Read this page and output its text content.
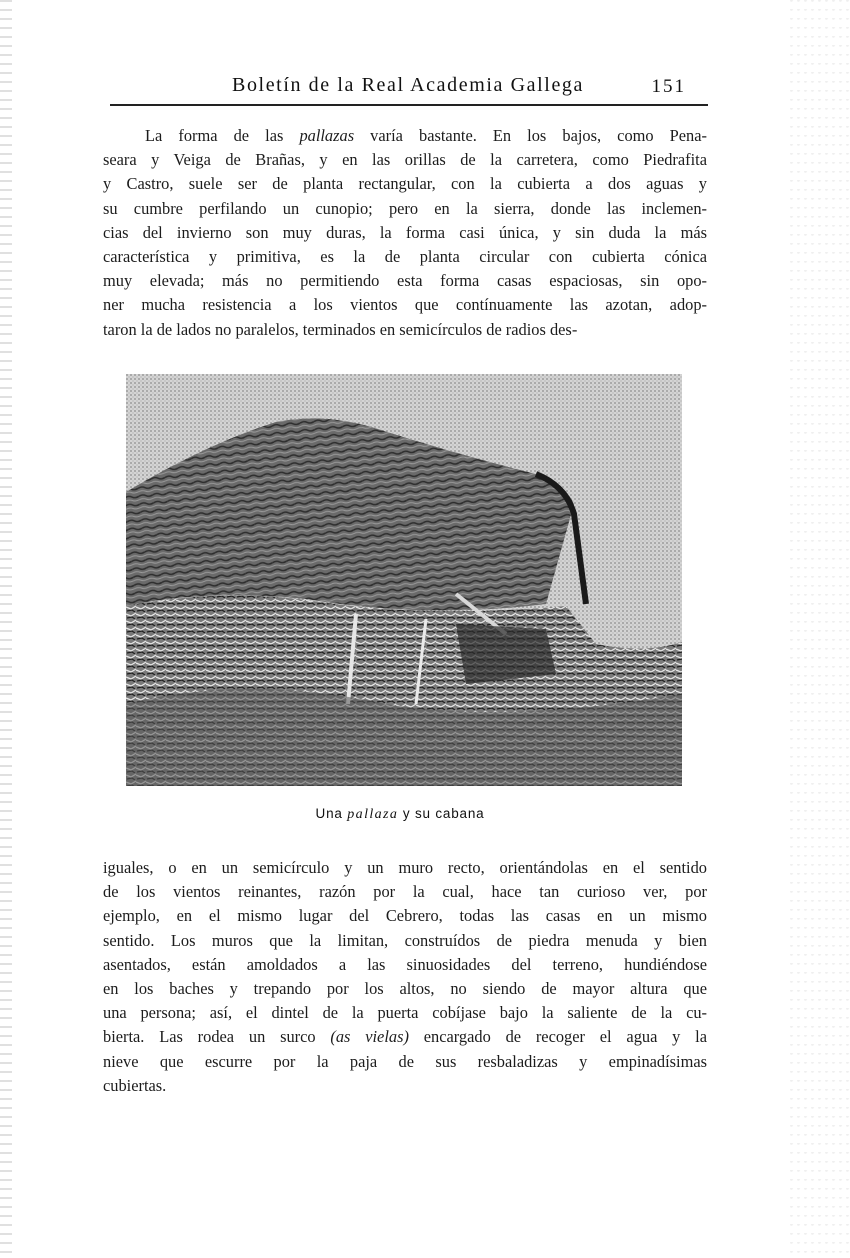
Boletín de la Real Academia Gallega	151
La forma de las pallazas varía bastante. En los bajos, como Pena-
seara y Veiga de Brañas, y en las orillas de la carretera, como Piedrafita
y Castro, suele ser de planta rectangular, con la cubierta a dos aguas y
su cumbre perfilando un cunopio; pero en la sierra, donde las inclemen-
cias del invierno son muy duras, la forma casi única, y sin duda la más
característica y primitiva, es la de planta circular con cubierta cónica
muy elevada; más no permitiendo esta forma casas espaciosas, sin opo-
ner mucha resistencia a los vientos que contínuamente las azotan, adop-
taron la de lados no paralelos, terminados en semicírculos de radios des-
Una pallaza y su cabana
iguales, o en un semicírculo y un muro recto, orientándolas en el sentido
de los vientos reinantes, razón por la cual, hace tan curioso ver, por
ejemplo, en el mismo lugar del Cebrero, todas las casas en un mismo
sentido. Los muros que la limitan, construídos de piedra menuda y bien
asentados, están amoldados a las sinuosidades del terreno, hundiéndose
en los baches y trepando por los altos, no siendo de mayor altura que
una persona; así, el dintel de la puerta cobíjase bajo la saliente de la cu-
bierta. Las rodea un surco (as vielas) encargado de recoger el agua y la
nieve que escurre por la paja de sus resbaladizas y empinadísimas
cubiertas.
